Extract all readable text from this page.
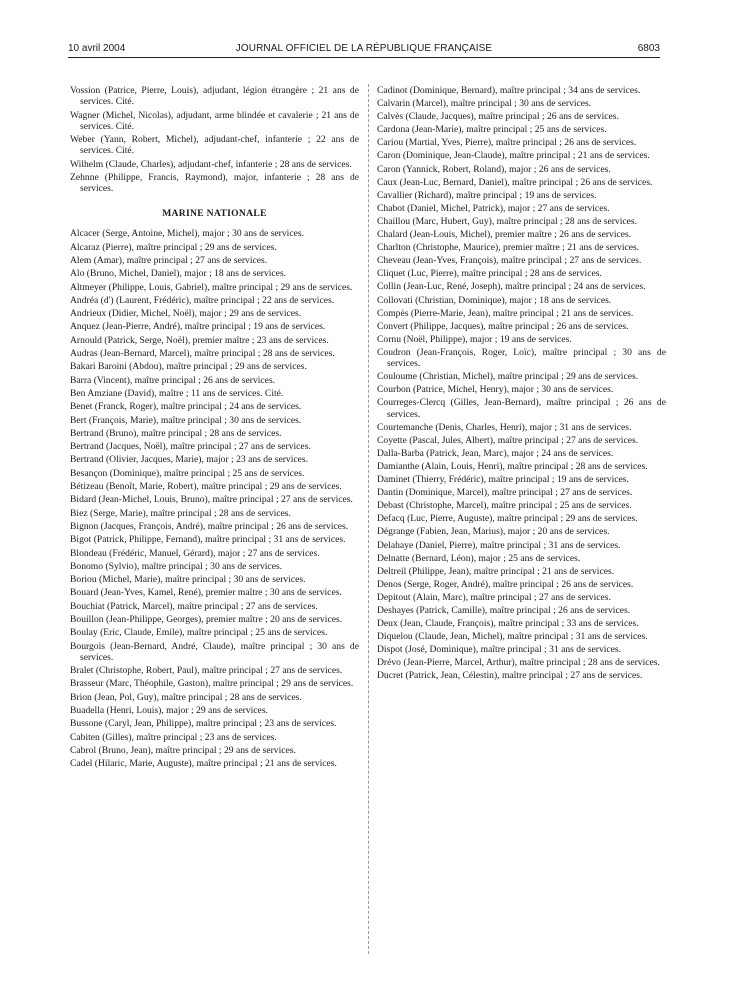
10 avril 2004	JOURNAL OFFICIEL DE LA RÉPUBLIQUE FRANÇAISE	6803

Vossion (Patrice, Pierre, Louis), adjudant, légion étrangère ; 21 ans de services. Cité.

Wagner (Michel, Nicolas), adjudant, arme blindée et cavalerie ; 21 ans de services. Cité.

Weber (Yann, Robert, Michel), adjudant-chef, infanterie ; 22 ans de services. Cité.

Wilhelm (Claude, Charles), adjudant-chef, infanterie ; 28 ans de services.

Zehnne (Philippe, Francis, Raymond), major, infanterie ; 28 ans de services.

MARINE NATIONALE

Alcacer (Serge, Antoine, Michel), major ; 30 ans de services.

Alcaraz (Pierre), maître principal ; 29 ans de services.

Alem (Amar), maître principal ; 27 ans de services.

Alo (Bruno, Michel, Daniel), major ; 18 ans de services.

Altmeyer (Philippe, Louis, Gabriel), maître principal ; 29 ans de services.

Andréa (d') (Laurent, Frédéric), maître principal ; 22 ans de services.

Andrieux (Didier, Michel, Noël), major ; 29 ans de services.

Anquez (Jean-Pierre, André), maître principal ; 19 ans de services.

Arnould (Patrick, Serge, Noël), premier maître ; 23 ans de services.

Audras (Jean-Bernard, Marcel), maître principal ; 28 ans de services.

Bakari Baroini (Abdou), maître principal ; 29 ans de services.

Barra (Vincent), maître principal ; 26 ans de services.

Ben Amziane (David), maître ; 11 ans de services. Cité.

Benet (Franck, Roger), maître principal ; 24 ans de services.

Bert (François, Marie), maître principal ; 30 ans de services.

Bertrand (Bruno), maître principal ; 28 ans de services.

Bertrand (Jacques, Noël), maître principal ; 27 ans de services.

Bertrand (Olivier, Jacques, Marie), major ; 23 ans de services.

Besançon (Dominique), maître principal ; 25 ans de services.

Bétizeau (Benoît, Marie, Robert), maître principal ; 29 ans de services.

Bidard (Jean-Michel, Louis, Bruno), maître principal ; 27 ans de services.

Biez (Serge, Marie), maître principal ; 28 ans de services.

Bignon (Jacques, François, André), maître principal ; 26 ans de services.

Bigot (Patrick, Philippe, Fernand), maître principal ; 31 ans de services.

Blondeau (Frédéric, Manuel, Gérard), major ; 27 ans de services.

Bonomo (Sylvio), maître principal ; 30 ans de services.

Boriou (Michel, Marie), maître principal ; 30 ans de services.

Bouard (Jean-Yves, Kamel, René), premier maître ; 30 ans de services.

Bouchiat (Patrick, Marcel), maître principal ; 27 ans de services.

Bouillon (Jean-Philippe, Georges), premier maître ; 20 ans de services.

Boulay (Eric, Claude, Emile), maître principal ; 25 ans de services.

Bourgois (Jean-Bernard, André, Claude), maître principal ; 30 ans de services.

Bralet (Christophe, Robert, Paul), maître principal ; 27 ans de services.

Brasseur (Marc, Théophile, Gaston), maître principal ; 29 ans de services.

Brion (Jean, Pol, Guy), maître principal ; 28 ans de services.

Buadella (Henri, Louis), major ; 29 ans de services.

Bussone (Caryl, Jean, Philippe), maître principal ; 23 ans de services.

Cabiten (Gilles), maître principal ; 23 ans de services.

Cabrol (Bruno, Jean), maître principal ; 29 ans de services.

Cadel (Hilaric, Marie, Auguste), maître principal ; 21 ans de services.

Cadinot (Dominique, Bernard), maître principal ; 34 ans de services.

Calvarin (Marcel), maître principal ; 30 ans de services.

Calvès (Claude, Jacques), maître principal ; 26 ans de services.

Cardona (Jean-Marie), maître principal ; 25 ans de services.

Cariou (Martial, Yves, Pierre), maître principal ; 26 ans de services.

Caron (Dominique, Jean-Claude), maître principal ; 21 ans de services.

Caron (Yannick, Robert, Roland), major ; 26 ans de services.

Caux (Jean-Luc, Bernard, Daniel), maître principal ; 26 ans de services.

Cavallier (Richard), maître principal ; 19 ans de services.

Chabot (Daniel, Michel, Patrick), major ; 27 ans de services.

Chaillou (Marc, Hubert, Guy), maître principal ; 28 ans de services.

Chalard (Jean-Louis, Michel), premier maître ; 26 ans de services.

Charlton (Christophe, Maurice), premier maître ; 21 ans de services.

Cheveau (Jean-Yves, François), maître principal ; 27 ans de services.

Cliquet (Luc, Pierre), maître principal ; 28 ans de services.

Collin (Jean-Luc, René, Joseph), maître principal ; 24 ans de services.

Collovati (Christian, Dominique), major ; 18 ans de services.

Compès (Pierre-Marie, Jean), maître principal ; 21 ans de services.

Convert (Philippe, Jacques), maître principal ; 26 ans de services.

Cornu (Noël, Philippe), major ; 19 ans de services.

Coudron (Jean-François, Roger, Loïc), maître principal ; 30 ans de services.

Couloume (Christian, Michel), maître principal ; 29 ans de services.

Courbon (Patrice, Michel, Henry), major ; 30 ans de services.

Courreges-Clercq (Gilles, Jean-Bernard), maître principal ; 26 ans de services.

Courtemanche (Denis, Charles, Henri), major ; 31 ans de services.

Coyette (Pascal, Jules, Albert), maître principal ; 27 ans de services.

Dalla-Barba (Patrick, Jean, Marc), major ; 24 ans de services.

Damianthe (Alain, Louis, Henri), maître principal ; 28 ans de services.

Daminet (Thierry, Frédéric), maître principal ; 19 ans de services.

Dantin (Dominique, Marcel), maître principal ; 27 ans de services.

Debast (Christophe, Marcel), maître principal ; 25 ans de services.

Defacq (Luc, Pierre, Auguste), maître principal ; 29 ans de services.

Dégrange (Fabien, Jean, Marius), major ; 20 ans de services.

Delahaye (Daniel, Pierre), maître principal ; 31 ans de services.

Delnatte (Bernard, Léon), major ; 25 ans de services.

Deltreil (Philippe, Jean), maître principal ; 21 ans de services.

Denos (Serge, Roger, André), maître principal ; 26 ans de services.

Depitout (Alain, Marc), maître principal ; 27 ans de services.

Deshayes (Patrick, Camille), maître principal ; 26 ans de services.

Deux (Jean, Claude, François), maître principal ; 33 ans de services.

Diquelou (Claude, Jean, Michel), maître principal ; 31 ans de services.

Dispot (José, Dominique), maître principal ; 31 ans de services.

Drévo (Jean-Pierre, Marcel, Arthur), maître principal ; 28 ans de services.

Ducret (Patrick, Jean, Célestin), maître principal ; 27 ans de services.
